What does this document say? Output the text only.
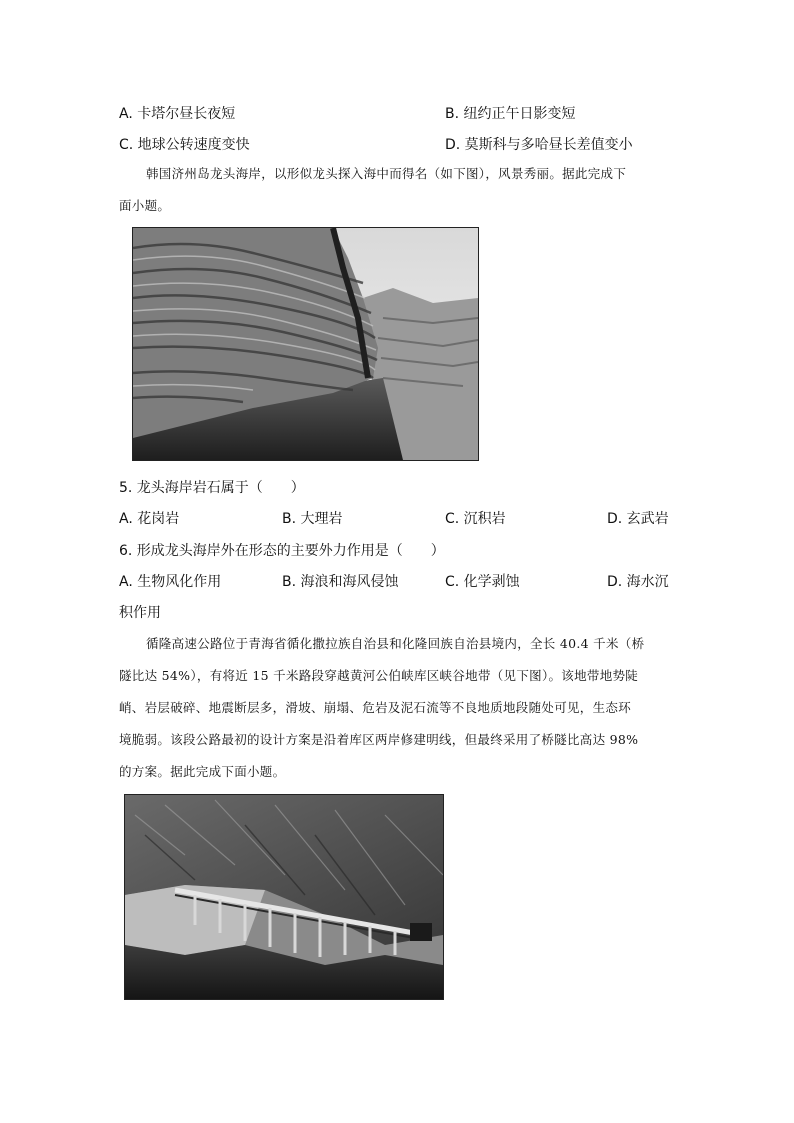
A. 卡塔尔昼长夜短	B. 纽约正午日影变短
C. 地球公转速度变快	D. 莫斯科与多哈昼长差值变小
韩国济州岛龙头海岸，以形似龙头探入海中而得名（如下图），风景秀丽。据此完成下
面小题。
5. 龙头海岸岩石属于（　　）
A. 花岗岩	B. 大理岩	C. 沉积岩	D. 玄武岩
6. 形成龙头海岸外在形态的主要外力作用是（　　）
A. 生物风化作用	B. 海浪和海风侵蚀	C. 化学剥蚀	D. 海水沉
积作用
循隆高速公路位于青海省循化撒拉族自治县和化隆回族自治县境内，全长 40.4 千米（桥
隧比达 54%），有将近 15 千米路段穿越黄河公伯峡库区峡谷地带（见下图）。该地带地势陡
峭、岩层破碎、地震断层多，滑坡、崩塌、危岩及泥石流等不良地质地段随处可见，生态环
境脆弱。该段公路最初的设计方案是沿着库区两岸修建明线，但最终采用了桥隧比高达 98%
的方案。据此完成下面小题。
